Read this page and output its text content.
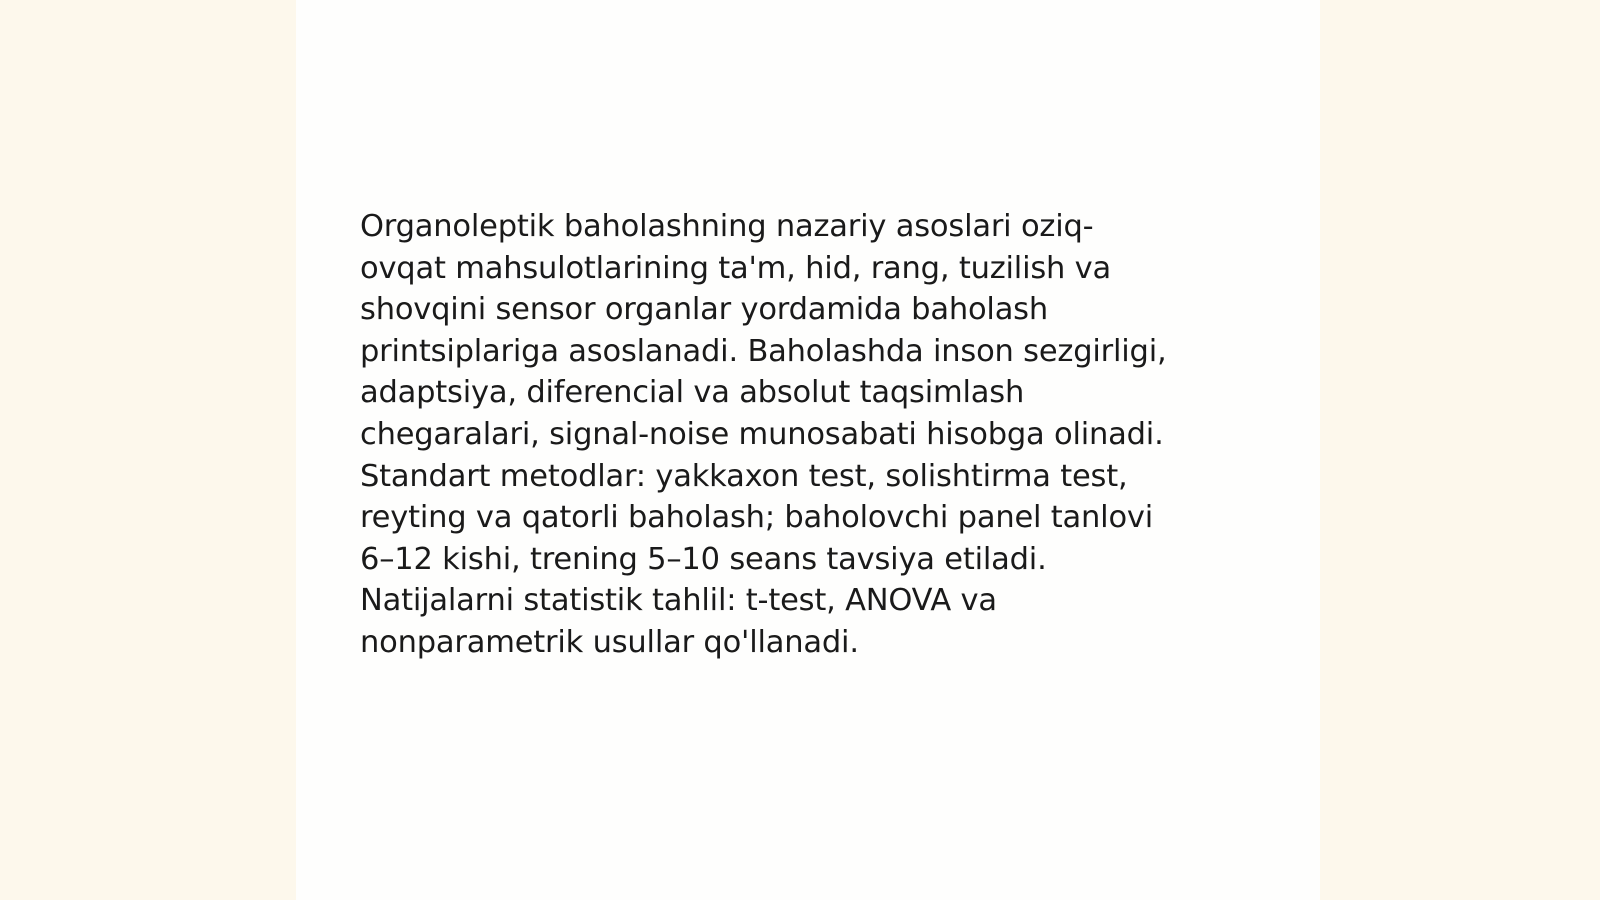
Organoleptik baholashning nazariy asoslari oziq-
ovqat mahsulotlarining ta'm, hid, rang, tuzilish va
shovqini sensor organlar yordamida baholash
printsiplariga asoslanadi. Baholashda inson sezgirligi,
adaptsiya, diferencial va absolut taqsimlash
chegaralari, signal-noise munosabati hisobga olinadi.
Standart metodlar: yakkaxon test, solishtirma test,
reyting va qatorli baholash; baholovchi panel tanlovi
6–12 kishi, trening 5–10 seans tavsiya etiladi.
Natijalarni statistik tahlil: t-test, ANOVA va
nonparametrik usullar qo'llanadi.
